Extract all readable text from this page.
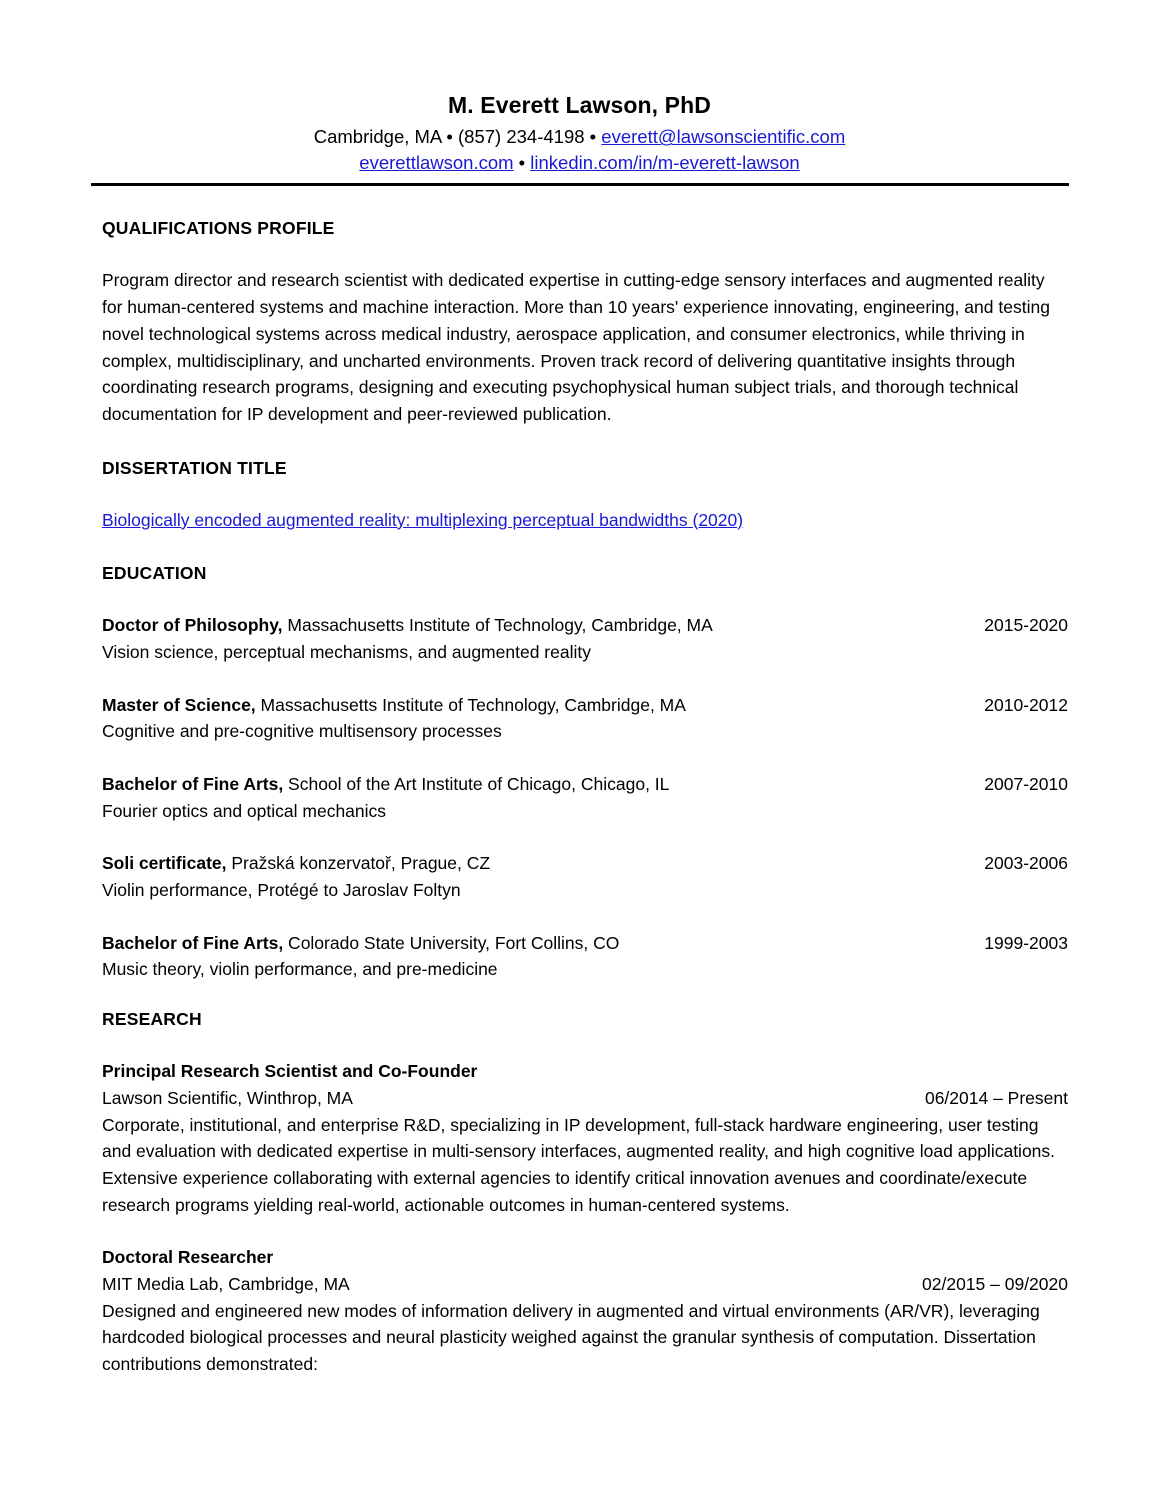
M. Everett Lawson, PhD
Cambridge, MA • (857) 234-4198 • everett@lawsonscientific.com
everettlawson.com • linkedin.com/in/m-everett-lawson
QUALIFICATIONS PROFILE
Program director and research scientist with dedicated expertise in cutting-edge sensory interfaces and augmented reality for human-centered systems and machine interaction. More than 10 years' experience innovating, engineering, and testing novel technological systems across medical industry, aerospace application, and consumer electronics, while thriving in complex, multidisciplinary, and uncharted environments. Proven track record of delivering quantitative insights through coordinating research programs, designing and executing psychophysical human subject trials, and thorough technical documentation for IP development and peer-reviewed publication.
DISSERTATION TITLE
Biologically encoded augmented reality: multiplexing perceptual bandwidths (2020)
EDUCATION
Doctor of Philosophy, Massachusetts Institute of Technology, Cambridge, MA	2015-2020
Vision science, perceptual mechanisms, and augmented reality
Master of Science, Massachusetts Institute of Technology, Cambridge, MA	2010-2012
Cognitive and pre-cognitive multisensory processes
Bachelor of Fine Arts, School of the Art Institute of Chicago, Chicago, IL	2007-2010
Fourier optics and optical mechanics
Soli certificate, Pražská konzervatoř, Prague, CZ	2003-2006
Violin performance, Protégé to Jaroslav Foltyn
Bachelor of Fine Arts, Colorado State University, Fort Collins, CO	1999-2003
Music theory, violin performance, and pre-medicine
RESEARCH
Principal Research Scientist and Co-Founder
Lawson Scientific, Winthrop, MA	06/2014 – Present
Corporate, institutional, and enterprise R&D, specializing in IP development, full-stack hardware engineering, user testing and evaluation with dedicated expertise in multi-sensory interfaces, augmented reality, and high cognitive load applications. Extensive experience collaborating with external agencies to identify critical innovation avenues and coordinate/execute research programs yielding real-world, actionable outcomes in human-centered systems.
Doctoral Researcher
MIT Media Lab, Cambridge, MA	02/2015 – 09/2020
Designed and engineered new modes of information delivery in augmented and virtual environments (AR/VR), leveraging hardcoded biological processes and neural plasticity weighed against the granular synthesis of computation. Dissertation contributions demonstrated:
